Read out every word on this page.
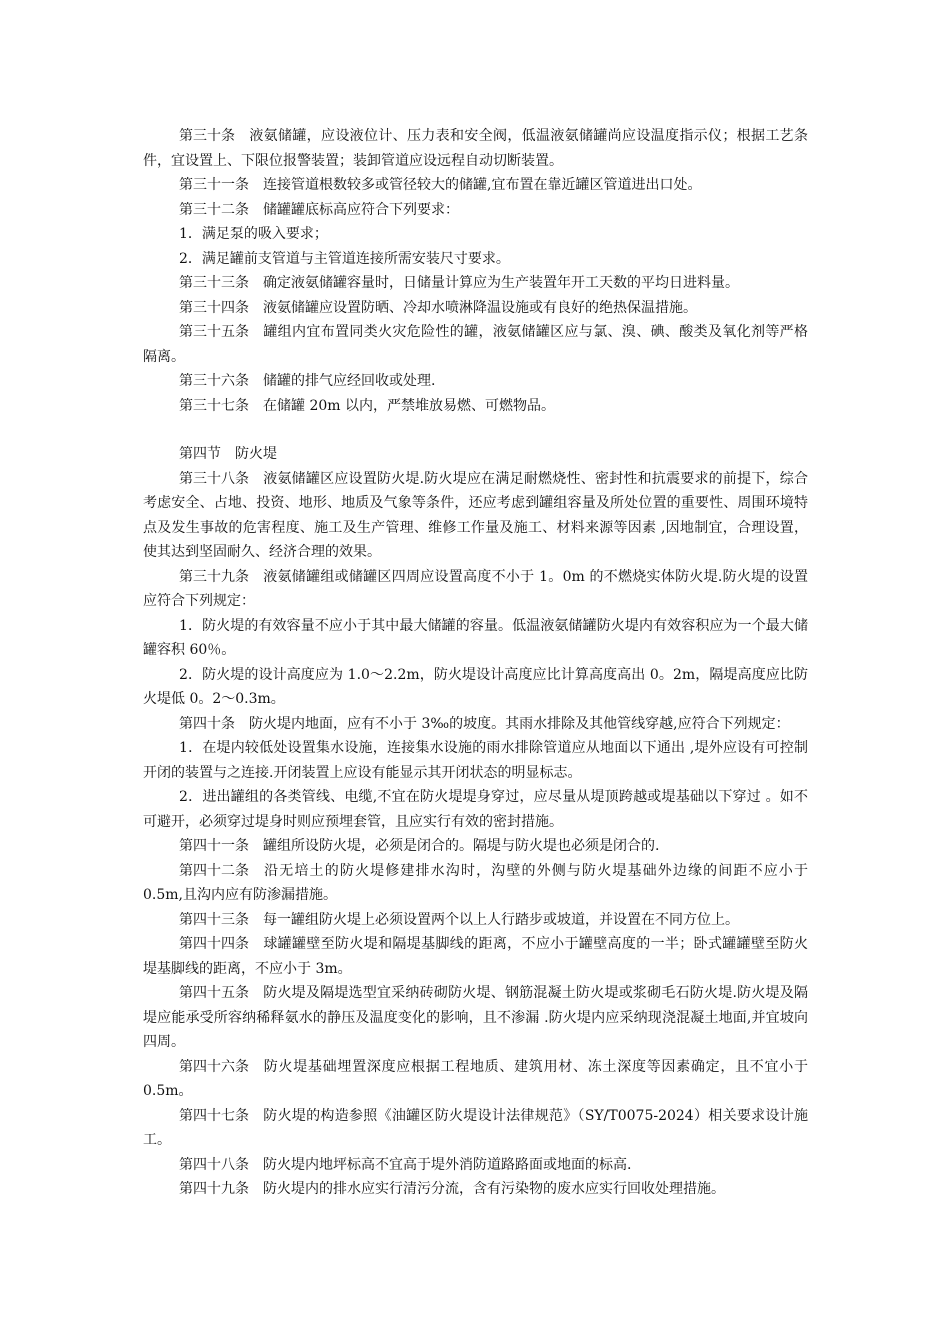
第三十条 液氨储罐，应设液位计、压力表和安全阀，低温液氨储罐尚应设温度指示仪；根据工艺条件，宜设置上、下限位报警装置；装卸管道应设远程自动切断装置。

第三十一条 连接管道根数较多或管径较大的储罐,宜布置在靠近罐区管道进出口处。

第三十二条 储罐罐底标高应符合下列要求：

1．满足泵的吸入要求；

2．满足罐前支管道与主管道连接所需安装尺寸要求。

第三十三条 确定液氨储罐容量时，日储量计算应为生产装置年开工天数的平均日进料量。

第三十四条 液氨储罐应设置防晒、冷却水喷淋降温设施或有良好的绝热保温措施。

第三十五条 罐组内宜布置同类火灾危险性的罐，液氨储罐区应与氯、溴、碘、酸类及氧化剂等严格隔离。

第三十六条 储罐的排气应经回收或处理.

第三十七条 在储罐 20m 以内，严禁堆放易燃、可燃物品。

第四节 防火堤

第三十八条 液氨储罐区应设置防火堤.防火堤应在满足耐燃烧性、密封性和抗震要求的前提下，综合考虑安全、占地、投资、地形、地质及气象等条件，还应考虑到罐组容量及所处位置的重要性、周围环境特点及发生事故的危害程度、施工及生产管理、维修工作量及施工、材料来源等因素 ,因地制宜，合理设置，使其达到坚固耐久、经济合理的效果。

第三十九条 液氨储罐组或储罐区四周应设置高度不小于 1。0m 的不燃烧实体防火堤.防火堤的设置应符合下列规定：

1．防火堤的有效容量不应小于其中最大储罐的容量。低温液氨储罐防火堤内有效容积应为一个最大储罐容积 60％。

2．防火堤的设计高度应为 1.0～2.2m，防火堤设计高度应比计算高度高出 0。2m，隔堤高度应比防火堤低 0。2～0.3m。

第四十条 防火堤内地面，应有不小于 3‰的坡度。其雨水排除及其他管线穿越,应符合下列规定：

1．在堤内较低处设置集水设施，连接集水设施的雨水排除管道应从地面以下通出 ,堤外应设有可控制开闭的装置与之连接.开闭装置上应设有能显示其开闭状态的明显标志。

2．进出罐组的各类管线、电缆,不宜在防火堤堤身穿过，应尽量从堤顶跨越或堤基础以下穿过 。如不可避开，必须穿过堤身时则应预埋套管，且应实行有效的密封措施。

第四十一条 罐组所设防火堤，必须是闭合的。隔堤与防火堤也必须是闭合的.

第四十二条 沿无培土的防火堤修建排水沟时，沟壁的外侧与防火堤基础外边缘的间距不应小于 0.5m,且沟内应有防渗漏措施。

第四十三条 每一罐组防火堤上必须设置两个以上人行踏步或坡道，并设置在不同方位上。

第四十四条 球罐罐壁至防火堤和隔堤基脚线的距离，不应小于罐壁高度的一半；卧式罐罐壁至防火堤基脚线的距离，不应小于 3m。

第四十五条 防火堤及隔堤选型宜采纳砖砌防火堤、钢筋混凝土防火堤或浆砌毛石防火堤.防火堤及隔堤应能承受所容纳稀释氨水的静压及温度变化的影响，且不渗漏 .防火堤内应采纳现浇混凝土地面,并宜坡向四周。

第四十六条 防火堤基础埋置深度应根据工程地质、建筑用材、冻土深度等因素确定，且不宜小于 0.5m。

第四十七条 防火堤的构造参照《油罐区防火堤设计法律规范》（SY/T0075-2024）相关要求设计施工。

第四十八条 防火堤内地坪标高不宜高于堤外消防道路路面或地面的标高.

第四十九条 防火堤内的排水应实行清污分流，含有污染物的废水应实行回收处理措施。
